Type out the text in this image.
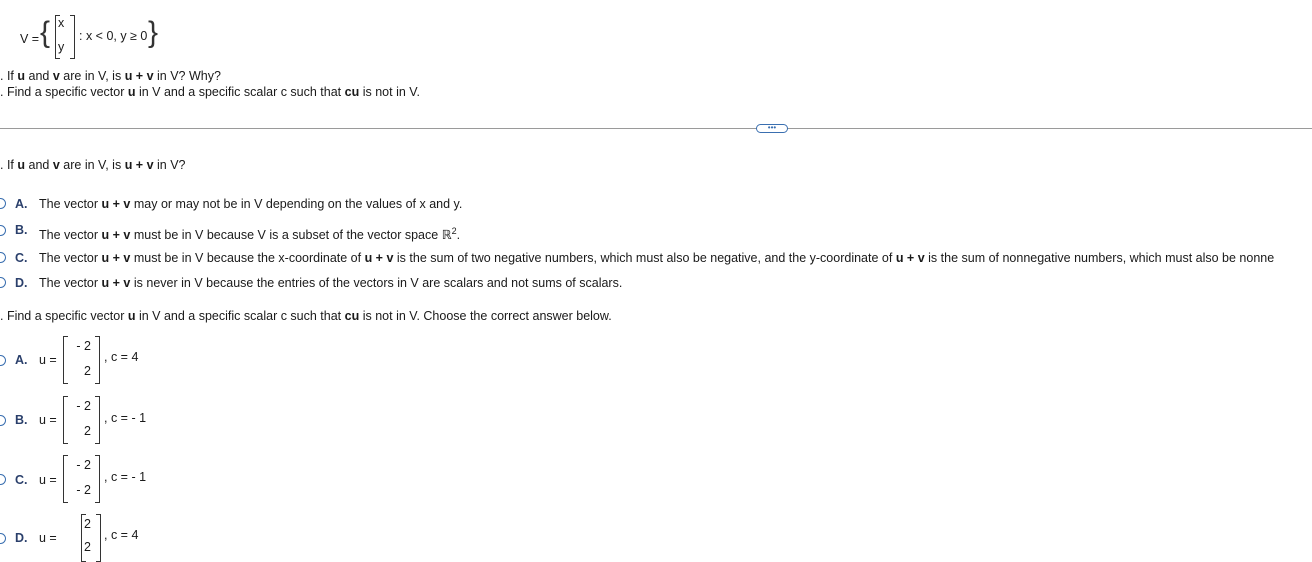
V = { x
y
: x < 0, y ≥ 0 }
. If u and v are in V, is u + v in V? Why?
. Find a specific vector u in V and a specific scalar c such that cu is not in V.
•••
. If u and v are in V, is u + v in V?
A. The vector u + v may or may not be in V depending on the values of x and y.
B. The vector u + v must be in V because V is a subset of the vector space ℝ$^2$.
C. The vector u + v must be in V because the x-coordinate of u + v is the sum of two negative numbers, which must also be negative, and the y-coordinate of u + v is the sum of nonnegative numbers, which must also be nonne
D. The vector u + v is never in V because the entries of the vectors in V are scalars and not sums of scalars.
. Find a specific vector u in V and a specific scalar c such that cu is not in V. Choose the correct answer below.
A. u =
- 2
2
, c = 4
B. u =
- 2
2
, c = - 1
C. u =
- 2
- 2
, c = - 1
D. u =
2
2
, c = 4
